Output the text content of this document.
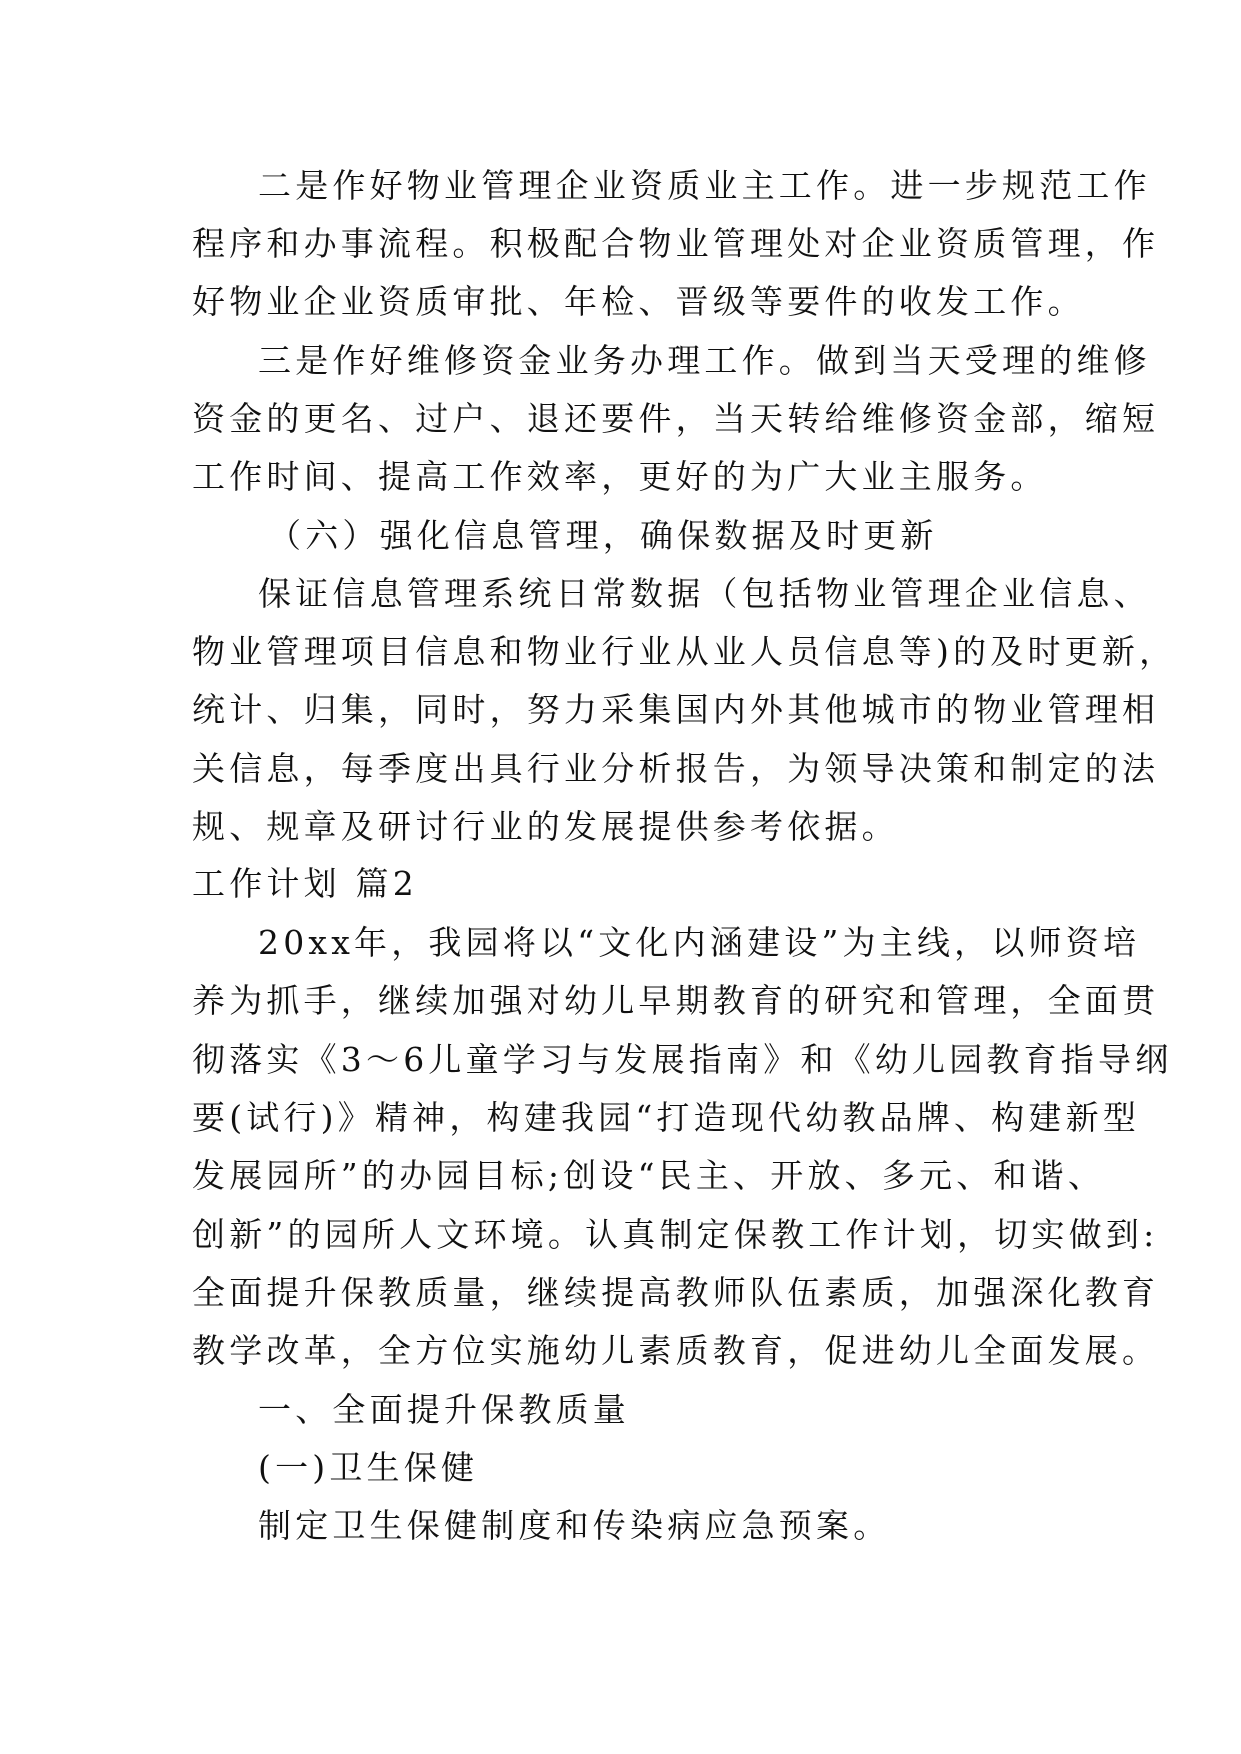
二是作好物业管理企业资质业主工作。进一步规范工作
程序和办事流程。积极配合物业管理处对企业资质管理，作
好物业企业资质审批、年检、晋级等要件的收发工作。
三是作好维修资金业务办理工作。做到当天受理的维修
资金的更名、过户、退还要件，当天转给维修资金部，缩短
工作时间、提高工作效率，更好的为广大业主服务。
（六）强化信息管理，确保数据及时更新
保证信息管理系统日常数据（包括物业管理企业信息、
物业管理项目信息和物业行业从业人员信息等)的及时更新，
统计、归集，同时，努力采集国内外其他城市的物业管理相
关信息，每季度出具行业分析报告，为领导决策和制定的法
规、规章及研讨行业的发展提供参考依据。
工作计划 篇2
20xx年，我园将以“文化内涵建设”为主线，以师资培
养为抓手，继续加强对幼儿早期教育的研究和管理，全面贯
彻落实《3～6儿童学习与发展指南》和《幼儿园教育指导纲
要(试行)》精神，构建我园“打造现代幼教品牌、构建新型
发展园所”的办园目标;创设“民主、开放、多元、和谐、
创新”的园所人文环境。认真制定保教工作计划，切实做到:
全面提升保教质量，继续提高教师队伍素质，加强深化教育
教学改革，全方位实施幼儿素质教育，促进幼儿全面发展。
一、全面提升保教质量
(一)卫生保健
制定卫生保健制度和传染病应急预案。
